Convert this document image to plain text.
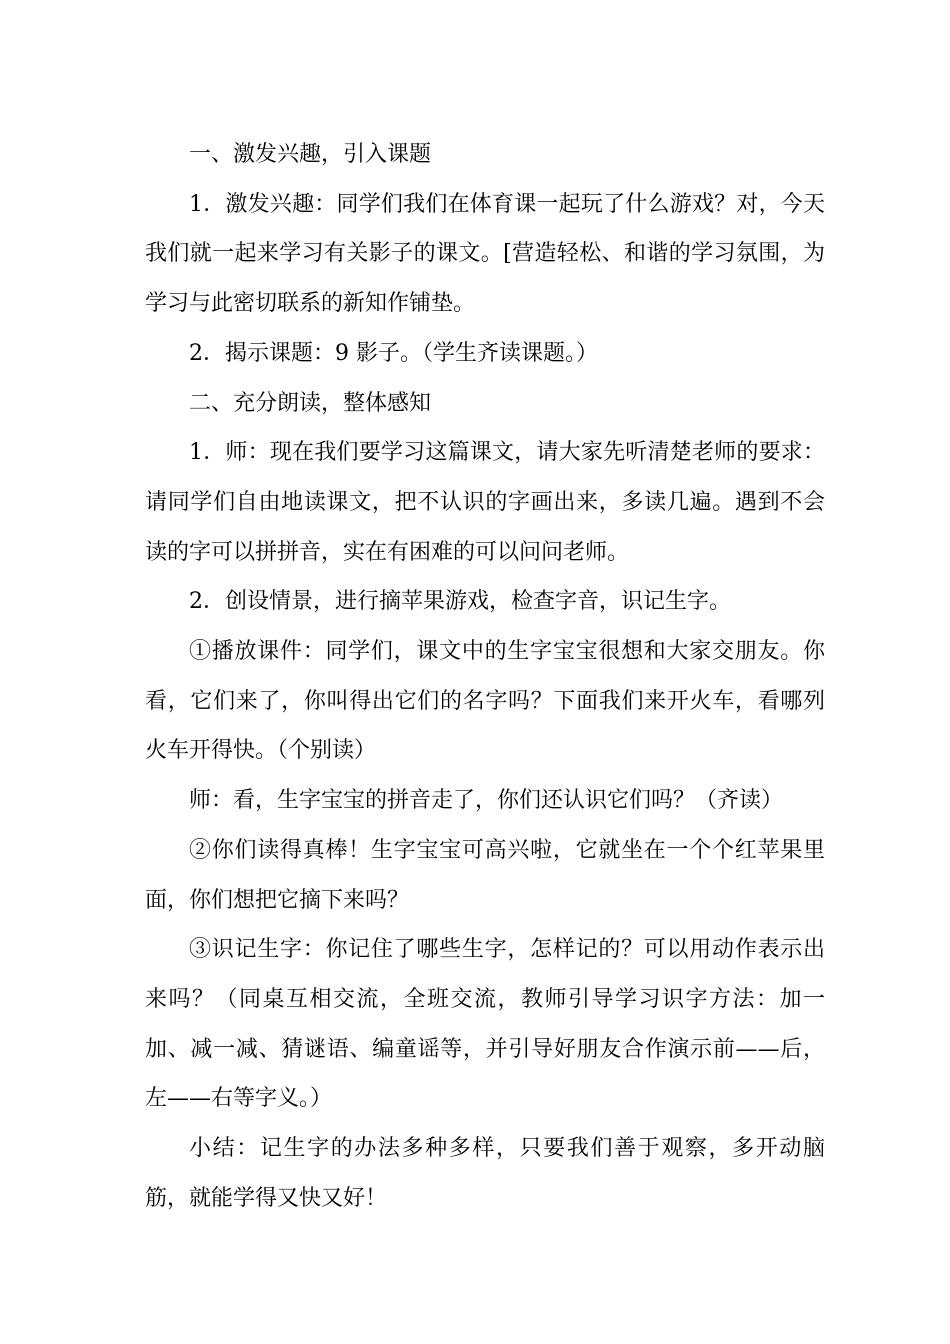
一、激发兴趣，引入课题

1．激发兴趣：同学们我们在体育课一起玩了什么游戏？对，今天我们就一起来学习有关影子的课文。[营造轻松、和谐的学习氛围，为学习与此密切联系的新知作铺垫。

2．揭示课题：9 影子。（学生齐读课题。）

二、充分朗读，整体感知

1．师：现在我们要学习这篇课文，请大家先听清楚老师的要求：请同学们自由地读课文，把不认识的字画出来，多读几遍。遇到不会读的字可以拼拼音，实在有困难的可以问问老师。

2．创设情景，进行摘苹果游戏，检查字音，识记生字。

①播放课件：同学们，课文中的生字宝宝很想和大家交朋友。你看，它们来了，你叫得出它们的名字吗？下面我们来开火车，看哪列火车开得快。（个别读）

师：看，生字宝宝的拼音走了，你们还认识它们吗？（齐读）

②你们读得真棒！生字宝宝可高兴啦，它就坐在一个个红苹果里面，你们想把它摘下来吗？

③识记生字：你记住了哪些生字，怎样记的？可以用动作表示出来吗？（同桌互相交流，全班交流，教师引导学习识字方法：加一加、减一减、猜谜语、编童谣等，并引导好朋友合作演示前——后，左——右等字义。）

小结：记生字的办法多种多样，只要我们善于观察，多开动脑筋，就能学得又快又好！
